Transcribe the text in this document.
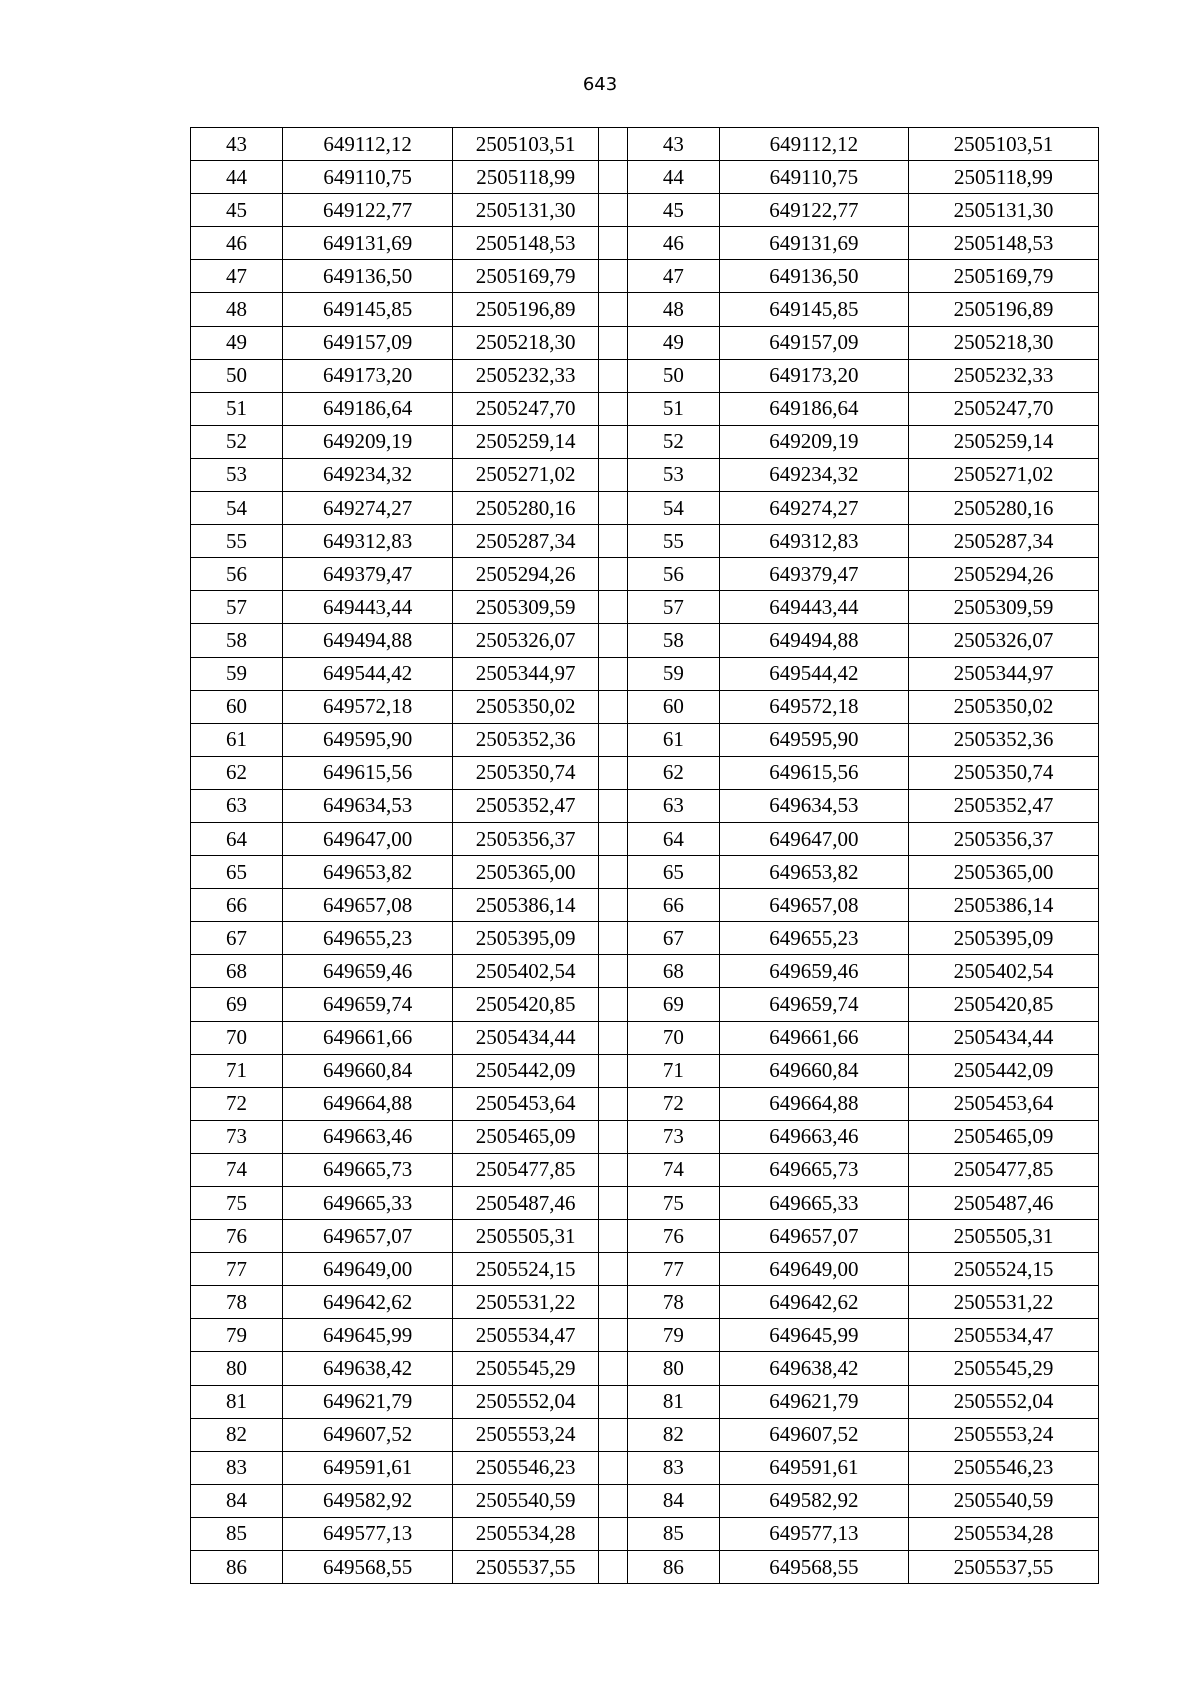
643
43	649112,12	2505103,51		43	649112,12	2505103,51
44	649110,75	2505118,99		44	649110,75	2505118,99
45	649122,77	2505131,30		45	649122,77	2505131,30
46	649131,69	2505148,53		46	649131,69	2505148,53
47	649136,50	2505169,79		47	649136,50	2505169,79
48	649145,85	2505196,89		48	649145,85	2505196,89
49	649157,09	2505218,30		49	649157,09	2505218,30
50	649173,20	2505232,33		50	649173,20	2505232,33
51	649186,64	2505247,70		51	649186,64	2505247,70
52	649209,19	2505259,14		52	649209,19	2505259,14
53	649234,32	2505271,02		53	649234,32	2505271,02
54	649274,27	2505280,16		54	649274,27	2505280,16
55	649312,83	2505287,34		55	649312,83	2505287,34
56	649379,47	2505294,26		56	649379,47	2505294,26
57	649443,44	2505309,59		57	649443,44	2505309,59
58	649494,88	2505326,07		58	649494,88	2505326,07
59	649544,42	2505344,97		59	649544,42	2505344,97
60	649572,18	2505350,02		60	649572,18	2505350,02
61	649595,90	2505352,36		61	649595,90	2505352,36
62	649615,56	2505350,74		62	649615,56	2505350,74
63	649634,53	2505352,47		63	649634,53	2505352,47
64	649647,00	2505356,37		64	649647,00	2505356,37
65	649653,82	2505365,00		65	649653,82	2505365,00
66	649657,08	2505386,14		66	649657,08	2505386,14
67	649655,23	2505395,09		67	649655,23	2505395,09
68	649659,46	2505402,54		68	649659,46	2505402,54
69	649659,74	2505420,85		69	649659,74	2505420,85
70	649661,66	2505434,44		70	649661,66	2505434,44
71	649660,84	2505442,09		71	649660,84	2505442,09
72	649664,88	2505453,64		72	649664,88	2505453,64
73	649663,46	2505465,09		73	649663,46	2505465,09
74	649665,73	2505477,85		74	649665,73	2505477,85
75	649665,33	2505487,46		75	649665,33	2505487,46
76	649657,07	2505505,31		76	649657,07	2505505,31
77	649649,00	2505524,15		77	649649,00	2505524,15
78	649642,62	2505531,22		78	649642,62	2505531,22
79	649645,99	2505534,47		79	649645,99	2505534,47
80	649638,42	2505545,29		80	649638,42	2505545,29
81	649621,79	2505552,04		81	649621,79	2505552,04
82	649607,52	2505553,24		82	649607,52	2505553,24
83	649591,61	2505546,23		83	649591,61	2505546,23
84	649582,92	2505540,59		84	649582,92	2505540,59
85	649577,13	2505534,28		85	649577,13	2505534,28
86	649568,55	2505537,55		86	649568,55	2505537,55
